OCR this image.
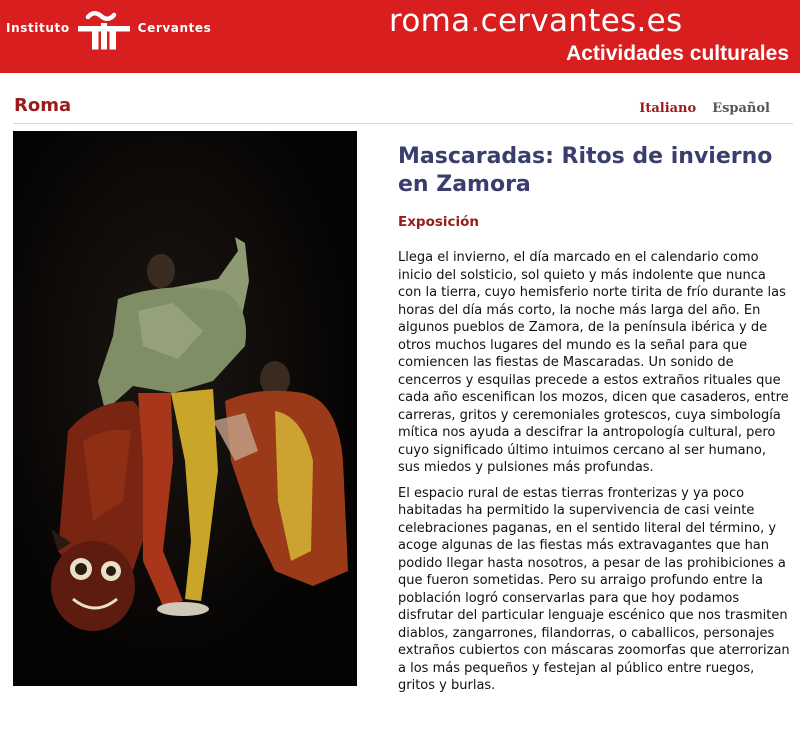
Instituto	Cervantes	roma.cervantes.es
Actividades culturales
Roma	Italiano Español
Mascaradas: Ritos de invierno en Zamora
Exposición

Llega el invierno, el día marcado en el calendario como inicio del solsticio, sol quieto y más indolente que nunca con la tierra, cuyo hemisferio norte tirita de frío durante las horas del día más corto, la noche más larga del año. En algunos pueblos de Zamora, de la península ibérica y de otros muchos lugares del mundo es la señal para que comiencen las fiestas de Mascaradas. Un sonido de cencerros y esquilas precede a estos extraños rituales que cada año escenifican los mozos, dicen que casaderos, entre carreras, gritos y ceremoniales grotescos, cuya simbología mítica nos ayuda a descifrar la antropología cultural, pero cuyo significado último intuimos cercano al ser humano, sus miedos y pulsiones más profundas.

El espacio rural de estas tierras fronterizas y ya poco habitadas ha permitido la supervivencia de casi veinte celebraciones paganas, en el sentido literal del término, y acoge algunas de las fiestas más extravagantes que han podido llegar hasta nosotros, a pesar de las prohibiciones a que fueron sometidas. Pero su arraigo profundo entre la población logró conservarlas para que hoy podamos disfrutar del particular lenguaje escénico que nos trasmiten diablos, zangarrones, filandorras, o caballicos, personajes extraños cubiertos con máscaras zoomorfas que aterrorizan a los más pequeños y festejan al público entre ruegos, gritos y burlas.
